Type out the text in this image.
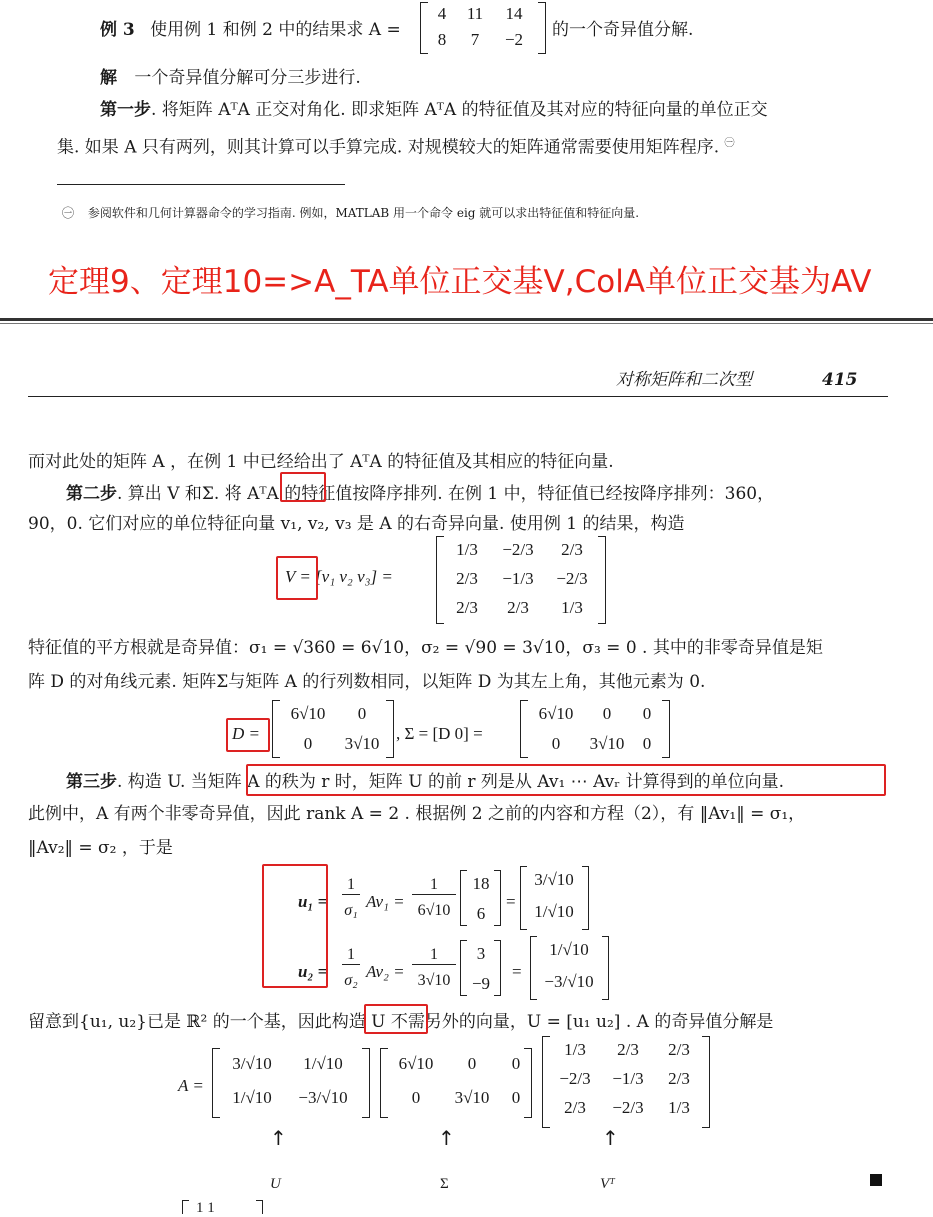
例 3 使用例 1 和例 2 中的结果求 A =
4	11	14
8	7	−2	的一个奇异值分解.
解 一个奇异值分解可分三步进行.
第一步. 将矩阵 AᵀA 正交对角化. 即求矩阵 AᵀA 的特征值及其对应的特征向量的单位正交
集. 如果 A 只有两列，则其计算可以手算完成. 对规模较大的矩阵通常需要使用矩阵程序. $^㊀$
㊀ 参阅软件和几何计算器命令的学习指南. 例如，MATLAB 用一个命令 eig 就可以求出特征值和特征向量.
定理9、定理10=>A_TA单位正交基V,ColA单位正交基为AV
对称矩阵和二次型	415
而对此处的矩阵 A ，在例 1 中已经给出了 AᵀA 的特征值及其相应的特征向量.
第二步. 算出 V 和Σ. 将 AᵀA 的特征值按降序排列. 在例 1 中，特征值已经按降序排列：360，
90，0. 它们对应的单位特征向量 v₁, v₂, v₃ 是 A 的右奇异向量. 使用例 1 的结果，构造
V = [v₁ v₂ v₃] =
1/3	−2/3	2/3
2/3	−1/3	−2/3
2/3	2/3	1/3
特征值的平方根就是奇异值：σ₁ = √360 = 6√10，σ₂ = √90 = 3√10，σ₃ = 0 . 其中的非零奇异值是矩
阵 D 的对角线元素. 矩阵Σ与矩阵 A 的行列数相同，以矩阵 D 为其左上角，其他元素为 0.
D =
6√10	0
0	3√10
, Σ = [D 0] =
6√10	0	0
0	3√10	0
第三步. 构造 U. 当矩阵 A 的秩为 r 时，矩阵 U 的前 r 列是从 Av₁ ⋯ Avᵣ 计算得到的单位向量.
此例中，A 有两个非零奇异值，因此 rank A = 2 . 根据例 2 之前的内容和方程（2），有 ‖Av₁‖ = σ₁，
‖Av₂‖ = σ₂ ，于是
u₁ =
1
σ₁ Av₁ =
1
6√10
18
6
=
3/√10
1/√10
u₂ =
1
σ₂ Av₂ =
1
3√10
3
−9
=
1/√10
−3/√10
留意到{u₁, u₂}已是 ℝ² 的一个基，因此构造 U 不需另外的向量，U = [u₁ u₂] . A 的奇异值分解是
A =
3/√10	1/√10
1/√10	−3/√10
6√10	0	0
0	3√10	0
1/3	2/3	2/3
−2/3	−1/3	2/3
2/3	−2/3	1/3
↑	↑	↑
U	Σ	Vᵀ
1 1
